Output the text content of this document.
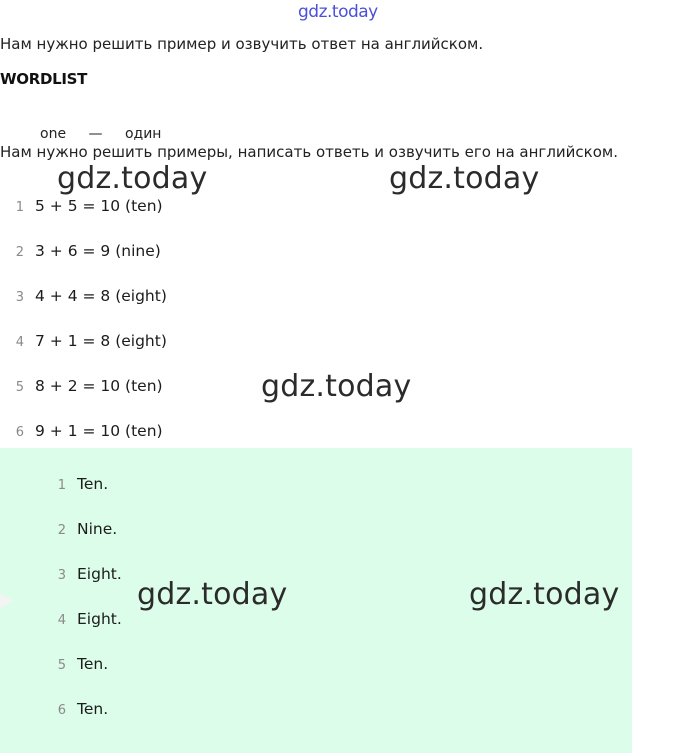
gdz.today
Нам нужно решить пример и озвучить ответ на английском.
WORDLIST
one — один
Нам нужно решить примеры, написать ответь и озвучить его на английском.
1 5 + 5 = 10 (ten)
2 3 + 6 = 9 (nine)
3 4 + 4 = 8 (eight)
4 7 + 1 = 8 (eight)
5 8 + 2 = 10 (ten)
6 9 + 1 = 10 (ten)
1 Ten.
2 Nine.
3 Eight.
4 Eight.
5 Ten.
6 Ten.
gdz.today	gdz.today
gdz.today
gdz.today	gdz.today
